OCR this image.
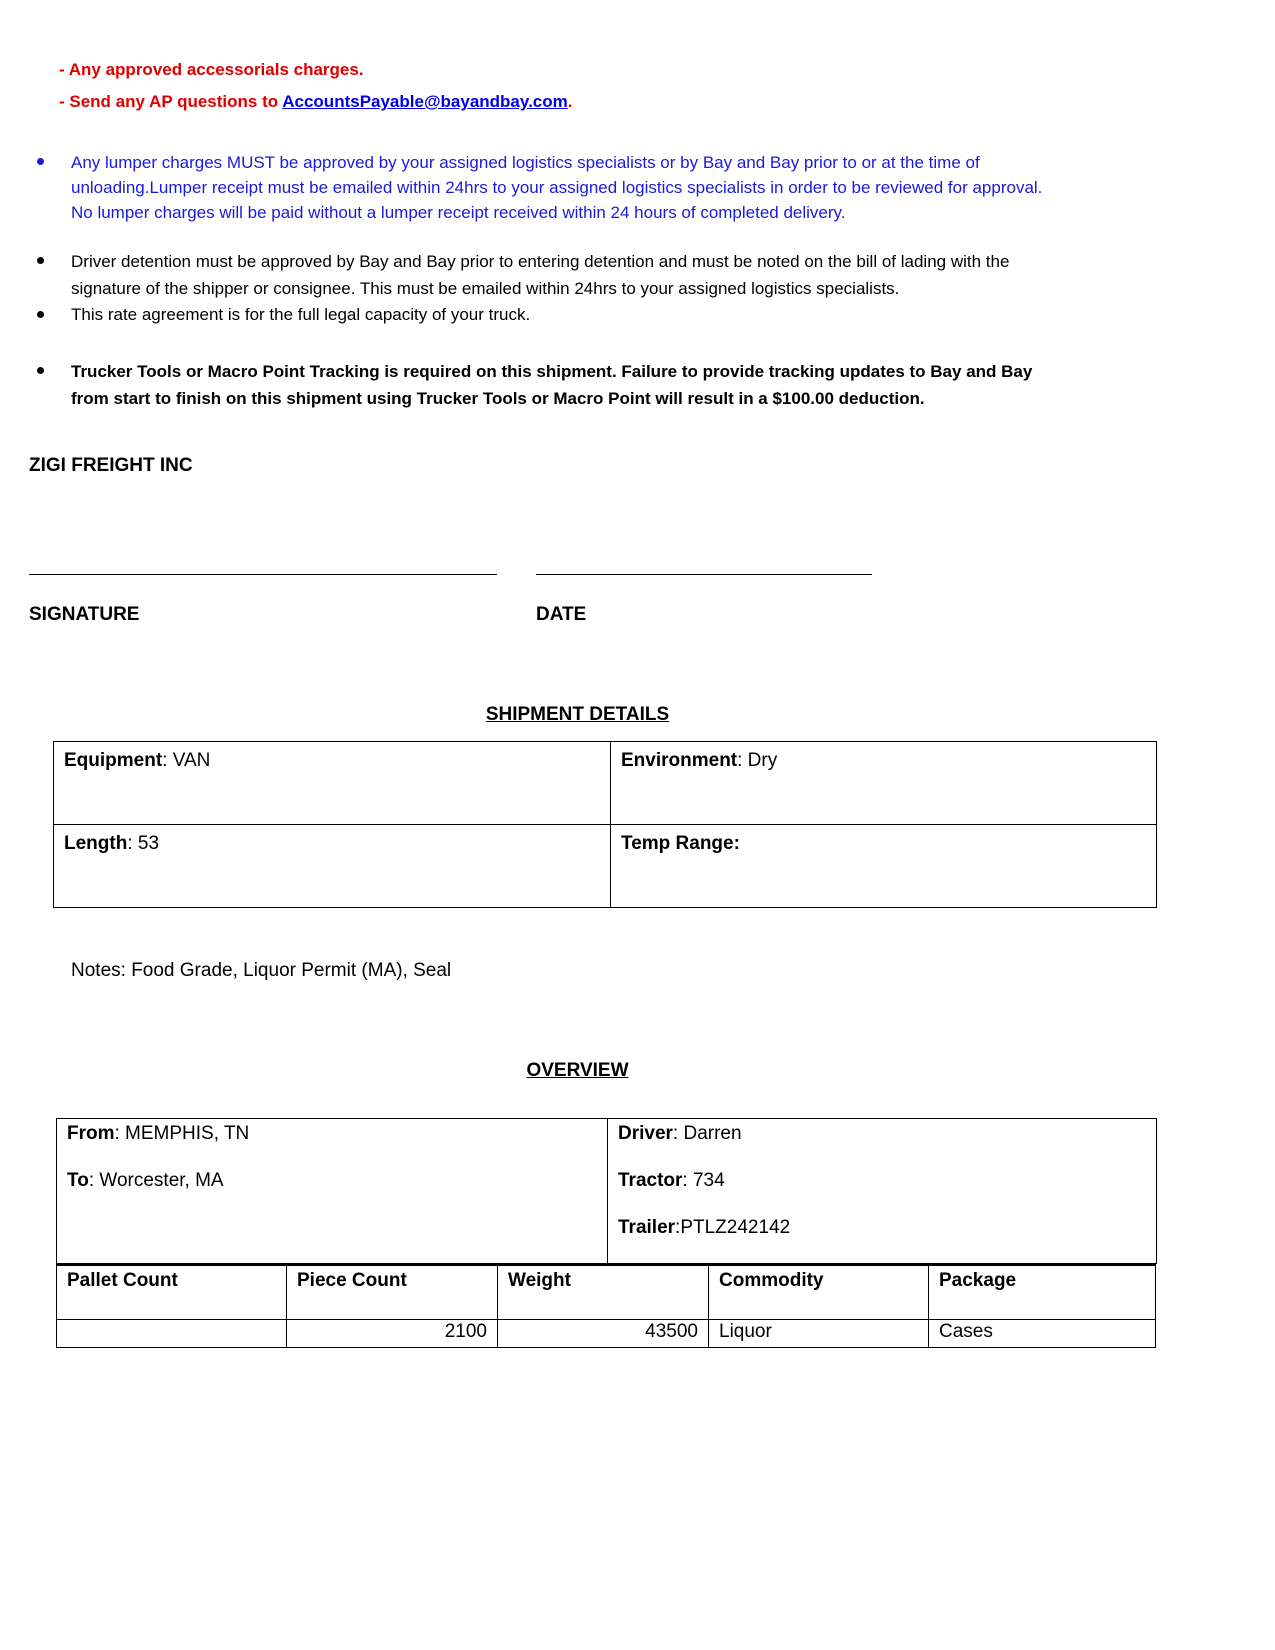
- Any approved accessorials charges.
- Send any AP questions to AccountsPayable@bayandbay.com.
Any lumper charges MUST be approved by your assigned logistics specialists or by Bay and Bay prior to or at the time of unloading.Lumper receipt must be emailed within 24hrs to your assigned logistics specialists in order to be reviewed for approval. No lumper charges will be paid without a lumper receipt received within 24 hours of completed delivery.
Driver detention must be approved by Bay and Bay prior to entering detention and must be noted on the bill of lading with the signature of the shipper or consignee. This must be emailed within 24hrs to your assigned logistics specialists.
This rate agreement is for the full legal capacity of your truck.
Trucker Tools or Macro Point Tracking is required on this shipment. Failure to provide tracking updates to Bay and Bay from start to finish on this shipment using Trucker Tools or Macro Point will result in a $100.00 deduction.
ZIGI FREIGHT INC
SIGNATURE	DATE
SHIPMENT DETAILS
Equipment: VAN	Environment: Dry

Length: 53	Temp Range:
Notes: Food Grade, Liquor Permit (MA), Seal
OVERVIEW
From: MEMPHIS, TN
To: Worcester, MA

Driver: Darren
Tractor: 734
Trailer:PTLZ242142
Pallet Count	Piece Count	Weight	Commodity	Package

	2100	43500	Liquor	Cases
